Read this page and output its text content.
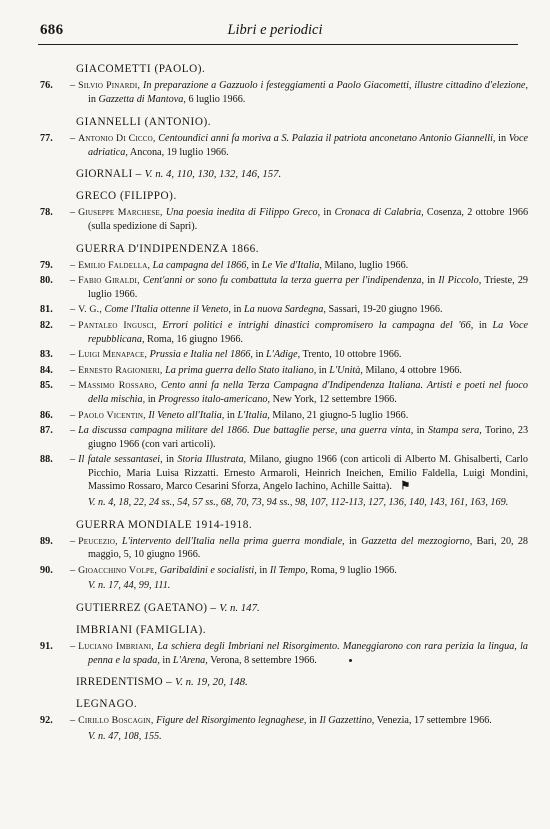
686	Libri e periodici
GIACOMETTI (PAOLO).
76.	– Silvio Pinardi, In preparazione a Gazzuolo i festeggiamenti a Paolo Giacometti, illustre cittadino d'elezione, in Gazzetta di Mantova, 6 luglio 1966.
GIANNELLI (ANTONIO).
77.	– Antonio Di Cicco, Centoundici anni fa moriva a S. Palazia il patriota anconetano Antonio Giannelli, in Voce adriatica, Ancona, 19 luglio 1966.
GIORNALI – V. n. 4, 110, 130, 132, 146, 157.
GRECO (FILIPPO).
78.	– Giuseppe Marchese, Una poesia inedita di Filippo Greco, in Cronaca di Calabria, Cosenza, 2 ottobre 1966 (sulla spedizione di Sapri).
GUERRA D'INDIPENDENZA 1866.
79.	– Emilio Faldella, La campagna del 1866, in Le Vie d'Italia, Milano, luglio 1966.
80.	– Fabio Giraldi, Cent'anni or sono fu combattuta la terza guerra per l'indipendenza, in Il Piccolo, Trieste, 29 luglio 1966.
81.	– V. G., Come l'Italia ottenne il Veneto, in La nuova Sardegna, Sassari, 19-20 giugno 1966.
82.	– Pantaleo Ingusci, Errori politici e intrighi dinastici compromisero la campagna del '66, in La Voce repubblicana, Roma, 16 giugno 1966.
83.	– Luigi Menapace, Prussia e Italia nel 1866, in L'Adige, Trento, 10 ottobre 1966.
84.	– Ernesto Ragionieri, La prima guerra dello Stato italiano, in L'Unità, Milano, 4 ottobre 1966.
85.	– Massimo Rossaro, Cento anni fa nella Terza Campagna d'Indipendenza Italiana. Artisti e poeti nel fuoco della mischia, in Progresso italo-americano, New York, 12 settembre 1966.
86.	– Paolo Vicentin, Il Veneto all'Italia, in L'Italia, Milano, 21 giugno-5 luglio 1966.
87.	– La discussa campagna militare del 1866. Due battaglie perse, una guerra vinta, in Stampa sera, Torino, 23 giugno 1966 (con vari articoli).
88.	– Il fatale sessantasei, in Storia Illustrata, Milano, giugno 1966 (con articoli di Alberto M. Ghisalberti, Carlo Picchio, Maria Luisa Rizzatti. Ernesto Armaroli, Heinrich Ineichen, Emilio Faldella, Luigi Mondini, Massimo Rossaro, Marco Cesarini Sforza, Angelo Iachino, Achille Saitta). ⚑
V. n. 4, 18, 22, 24 ss., 54, 57 ss., 68, 70, 73, 94 ss., 98, 107, 112-113, 127, 136, 140, 143, 161, 163, 169.
GUERRA MONDIALE 1914-1918.
89.	– Peucezio, L'intervento dell'Italia nella prima guerra mondiale, in Gazzetta del mezzogiorno, Bari, 20, 28 maggio, 5, 10 giugno 1966.
90.	– Gioacchino Volpe, Garibaldini e socialisti, in Il Tempo, Roma, 9 luglio 1966.
V. n. 17, 44, 99, 111.
GUTIERREZ (GAETANO) – V. n. 147.
IMBRIANI (FAMIGLIA).
91.	– Luciano Imbriani, La schiera degli Imbriani nel Risorgimento. Maneggiarono con rara perizia la lingua, la penna e la spada, in L'Arena, Verona, 8 settembre 1966.
IRREDENTISMO – V. n. 19, 20, 148.
LEGNAGO.
92.	– Cirillo Boscagin, Figure del Risorgimento legnaghese, in Il Gazzettino, Venezia, 17 settembre 1966.
V. n. 47, 108, 155.
